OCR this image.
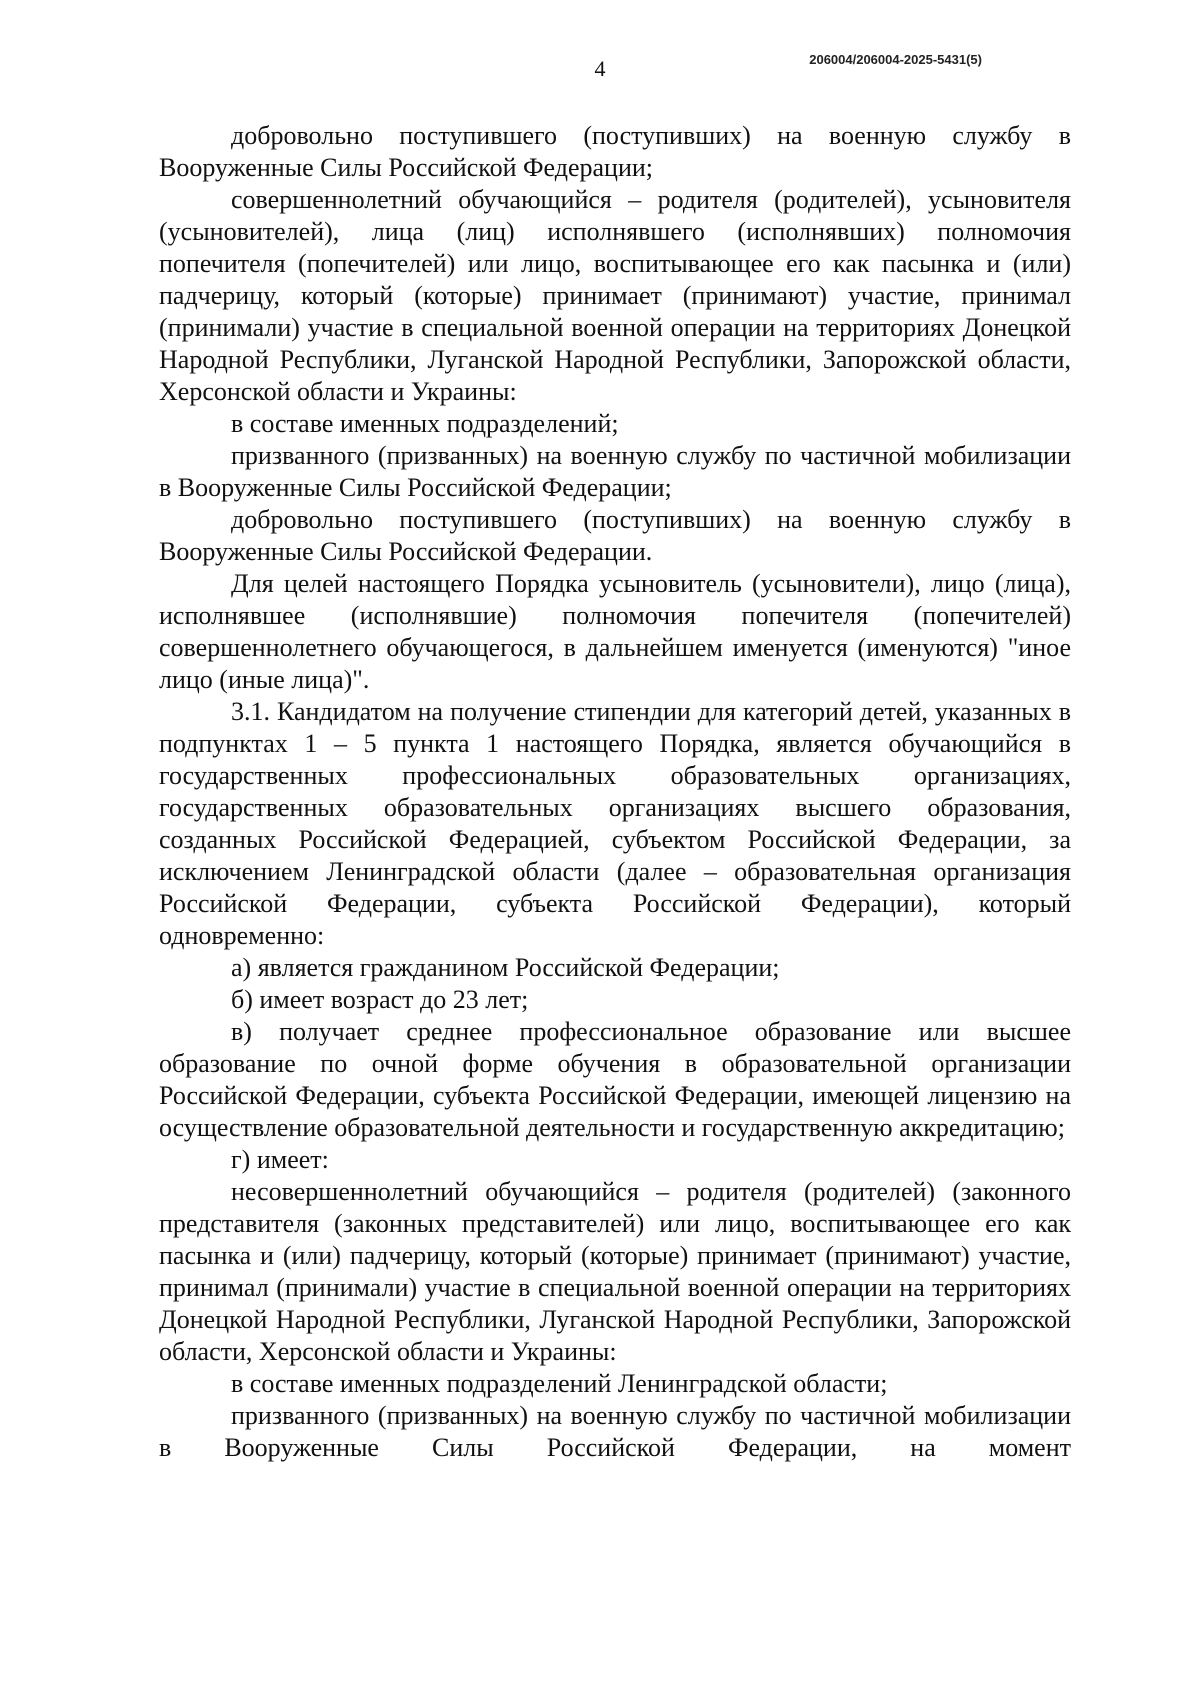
4	206004/206004-2025-5431(5)

добровольно поступившего (поступивших) на военную службу в Вооруженные Силы Российской Федерации;

совершеннолетний обучающийся – родителя (родителей), усыновителя (усыновителей), лица (лиц) исполнявшего (исполнявших) полномочия попечителя (попечителей) или лицо, воспитывающее его как пасынка и (или) падчерицу, который (которые) принимает (принимают) участие, принимал (принимали) участие в специальной военной операции на территориях Донецкой Народной Республики, Луганской Народной Республики, Запорожской области, Херсонской области и Украины:

в составе именных подразделений;

призванного (призванных) на военную службу по частичной мобилизации в Вооруженные Силы Российской Федерации;

добровольно поступившего (поступивших) на военную службу в Вооруженные Силы Российской Федерации.

Для целей настоящего Порядка усыновитель (усыновители), лицо (лица), исполнявшее (исполнявшие) полномочия попечителя (попечителей) совершеннолетнего обучающегося, в дальнейшем именуется (именуются) "иное лицо (иные лица)".

3.1. Кандидатом на получение стипендии для категорий детей, указанных в подпунктах 1 – 5 пункта 1 настоящего Порядка, является обучающийся в государственных профессиональных образовательных организациях, государственных образовательных организациях высшего образования, созданных Российской Федерацией, субъектом Российской Федерации, за исключением Ленинградской области (далее – образовательная организация Российской Федерации, субъекта Российской Федерации), который одновременно:

а) является гражданином Российской Федерации;

б) имеет возраст до 23 лет;

в) получает среднее профессиональное образование или высшее образование по очной форме обучения в образовательной организации Российской Федерации, субъекта Российской Федерации, имеющей лицензию на осуществление образовательной деятельности и государственную аккредитацию;

г) имеет:

несовершеннолетний обучающийся – родителя (родителей) (законного представителя (законных представителей) или лицо, воспитывающее его как пасынка и (или) падчерицу, который (которые) принимает (принимают) участие, принимал (принимали) участие в специальной военной операции на территориях Донецкой Народной Республики, Луганской Народной Республики, Запорожской области, Херсонской области и Украины:

в составе именных подразделений Ленинградской области;

призванного (призванных) на военную службу по частичной мобилизации в Вооруженные Силы Российской Федерации, на момент
